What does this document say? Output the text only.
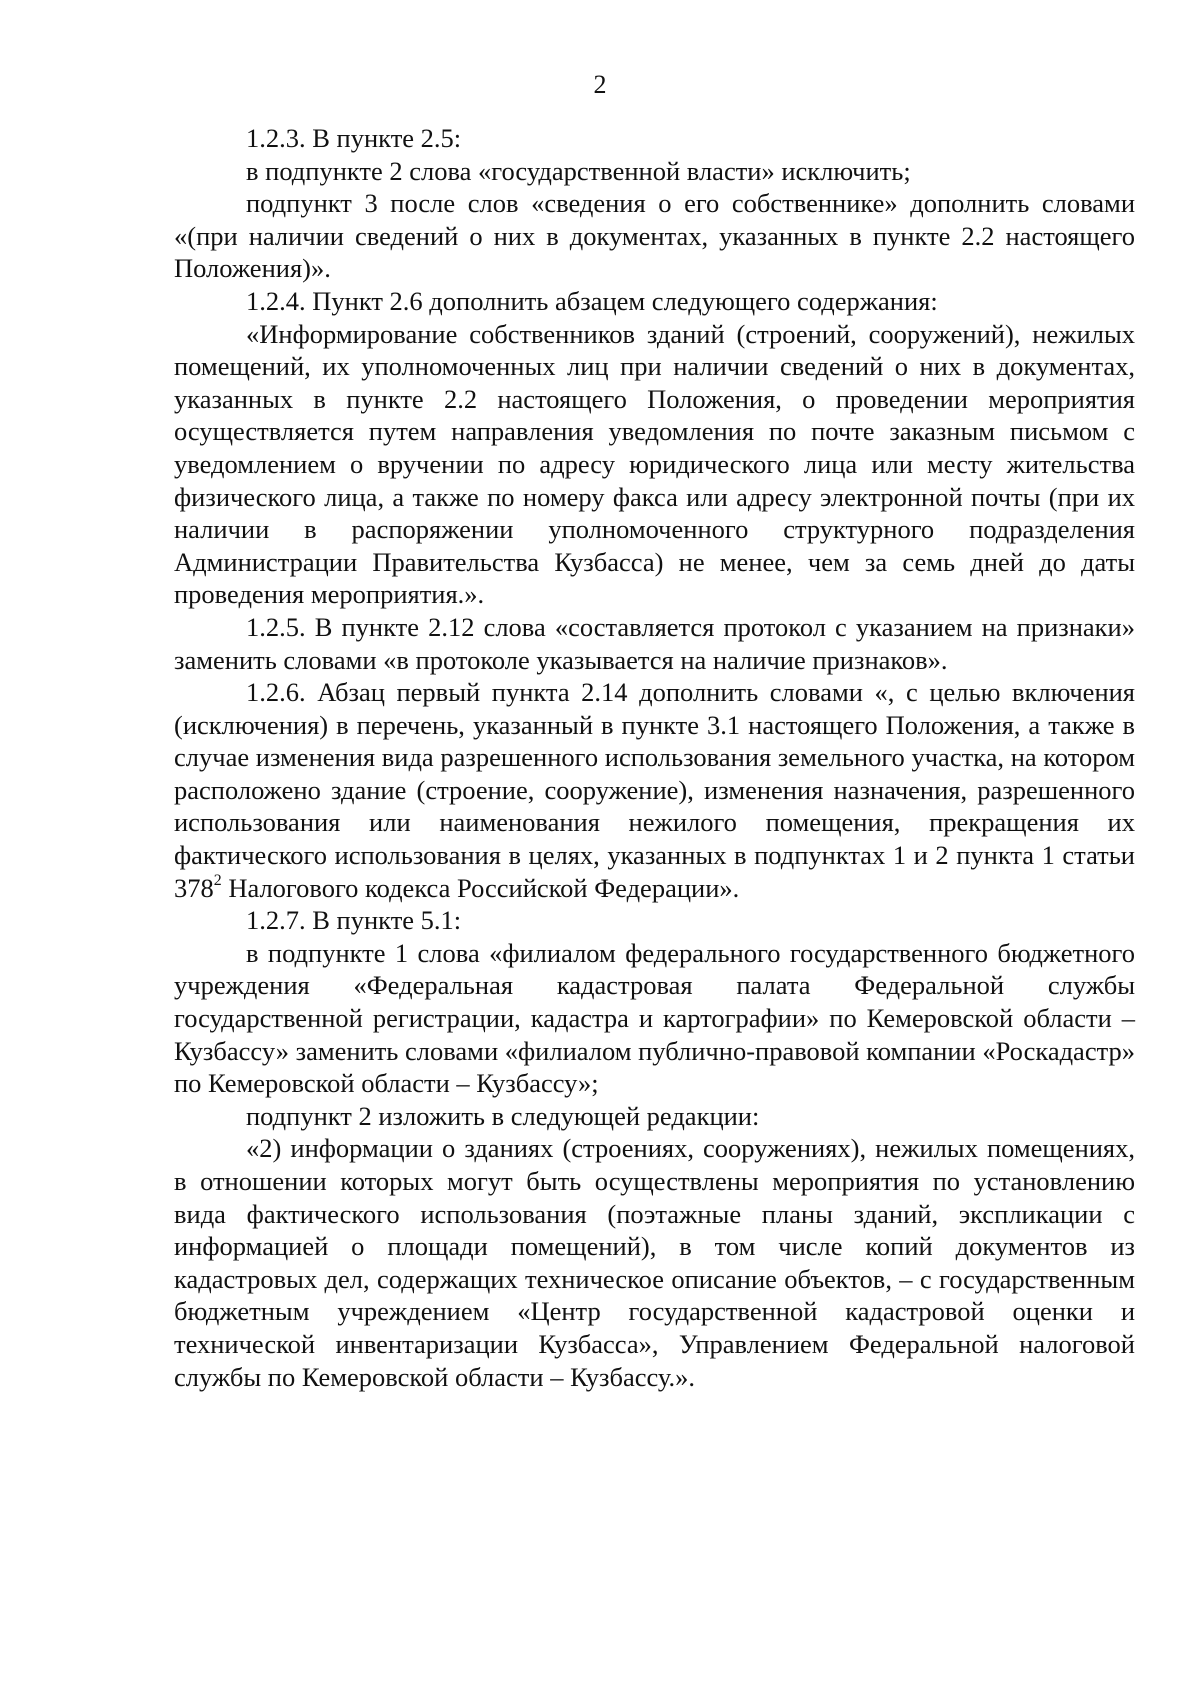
2

1.2.3. В пункте 2.5:

в подпункте 2 слова «государственной власти» исключить;

подпункт 3 после слов «сведения о его собственнике» дополнить словами «(при наличии сведений о них в документах, указанных в пункте 2.2 настоящего Положения)».

1.2.4. Пункт 2.6 дополнить абзацем следующего содержания:

«Информирование собственников зданий (строений, сооружений), нежилых помещений, их уполномоченных лиц при наличии сведений о них в документах, указанных в пункте 2.2 настоящего Положения, о проведении мероприятия осуществляется путем направления уведомления по почте заказным письмом с уведомлением о вручении по адресу юридического лица или месту жительства физического лица, а также по номеру факса или адресу электронной почты (при их наличии в распоряжении уполномоченного структурного подразделения Администрации Правительства Кузбасса) не менее, чем за семь дней до даты проведения мероприятия.».

1.2.5. В пункте 2.12 слова «составляется протокол с указанием на признаки» заменить словами «в протоколе указывается на наличие признаков».

1.2.6. Абзац первый пункта 2.14 дополнить словами «, с целью включения (исключения) в перечень, указанный в пункте 3.1 настоящего Положения, а также в случае изменения вида разрешенного использования земельного участка, на котором расположено здание (строение, сооружение), изменения назначения, разрешенного использования или наименования нежилого помещения, прекращения их фактического использования в целях, указанных в подпунктах 1 и 2 пункта 1 статьи $378^2$ Налогового кодекса Российской Федерации».

1.2.7. В пункте 5.1:

в подпункте 1 слова «филиалом федерального государственного бюджетного учреждения «Федеральная кадастровая палата Федеральной службы государственной регистрации, кадастра и картографии» по Кемеровской области – Кузбассу» заменить словами «филиалом публично-правовой компании «Роскадастр» по Кемеровской области – Кузбассу»;

подпункт 2 изложить в следующей редакции:

«2) информации о зданиях (строениях, сооружениях), нежилых помещениях, в отношении которых могут быть осуществлены мероприятия по установлению вида фактического использования (поэтажные планы зданий, экспликации с информацией о площади помещений), в том числе копий документов из кадастровых дел, содержащих техническое описание объектов, – с государственным бюджетным учреждением «Центр государственной кадастровой оценки и технической инвентаризации Кузбасса», Управлением Федеральной налоговой службы по Кемеровской области – Кузбассу.».
